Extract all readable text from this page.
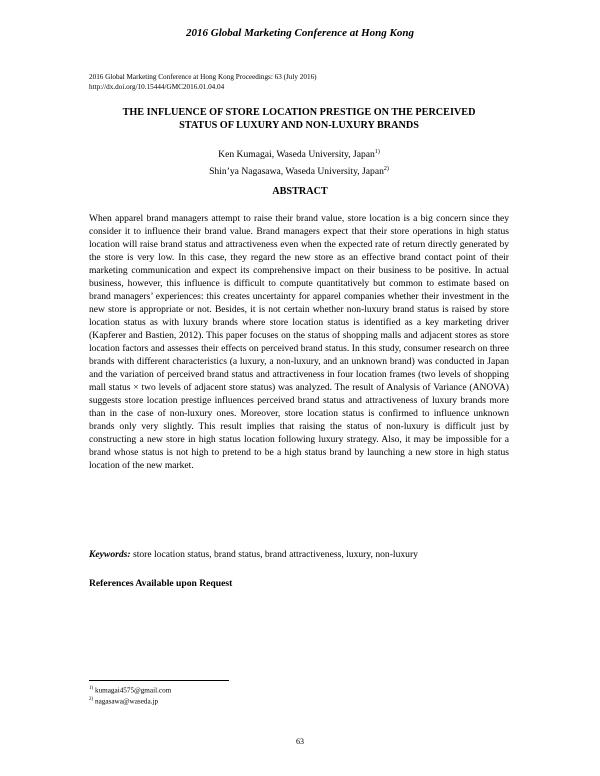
2016 Global Marketing Conference at Hong Kong
2016 Global Marketing Conference at Hong Kong Proceedings: 63 (July 2016)
http://dx.doi.org/10.15444/GMC2016.01.04.04
THE INFLUENCE OF STORE LOCATION PRESTIGE ON THE PERCEIVED
STATUS OF LUXURY AND NON-LUXURY BRANDS
Ken Kumagai, Waseda University, Japan$^{1)}$
Shin’ya Nagasawa, Waseda University, Japan$^{2)}$
ABSTRACT

When apparel brand managers attempt to raise their brand value, store location is a big concern since they consider it to influence their brand value. Brand managers expect that their store operations in high status location will raise brand status and attractiveness even when the expected rate of return directly generated by the store is very low. In this case, they regard the new store as an effective brand contact point of their marketing communication and expect its comprehensive impact on their business to be positive. In actual business, however, this influence is difficult to compute quantitatively but common to estimate based on brand managers’ experiences: this creates uncertainty for apparel companies whether their investment in the new store is appropriate or not. Besides, it is not certain whether non-luxury brand status is raised by store location status as with luxury brands where store location status is identified as a key marketing driver (Kapferer and Bastien, 2012). This paper focuses on the status of shopping malls and adjacent stores as store location factors and assesses their effects on perceived brand status. In this study, consumer research on three brands with different characteristics (a luxury, a non-luxury, and an unknown brand) was conducted in Japan and the variation of perceived brand status and attractiveness in four location frames (two levels of shopping mall status × two levels of adjacent store status) was analyzed. The result of Analysis of Variance (ANOVA) suggests store location prestige influences perceived brand status and attractiveness of luxury brands more than in the case of non-luxury ones. Moreover, store location status is confirmed to influence unknown brands only very slightly. This result implies that raising the status of non-luxury is difficult just by constructing a new store in high status location following luxury strategy. Also, it may be impossible for a brand whose status is not high to pretend to be a high status brand by launching a new store in high status location of the new market.

Keywords: store location status, brand status, brand attractiveness, luxury, non-luxury
References Available upon Request
$^{1)}$ kumagai4575@gmail.com
$^{2)}$ nagasawa@waseda.jp
63
